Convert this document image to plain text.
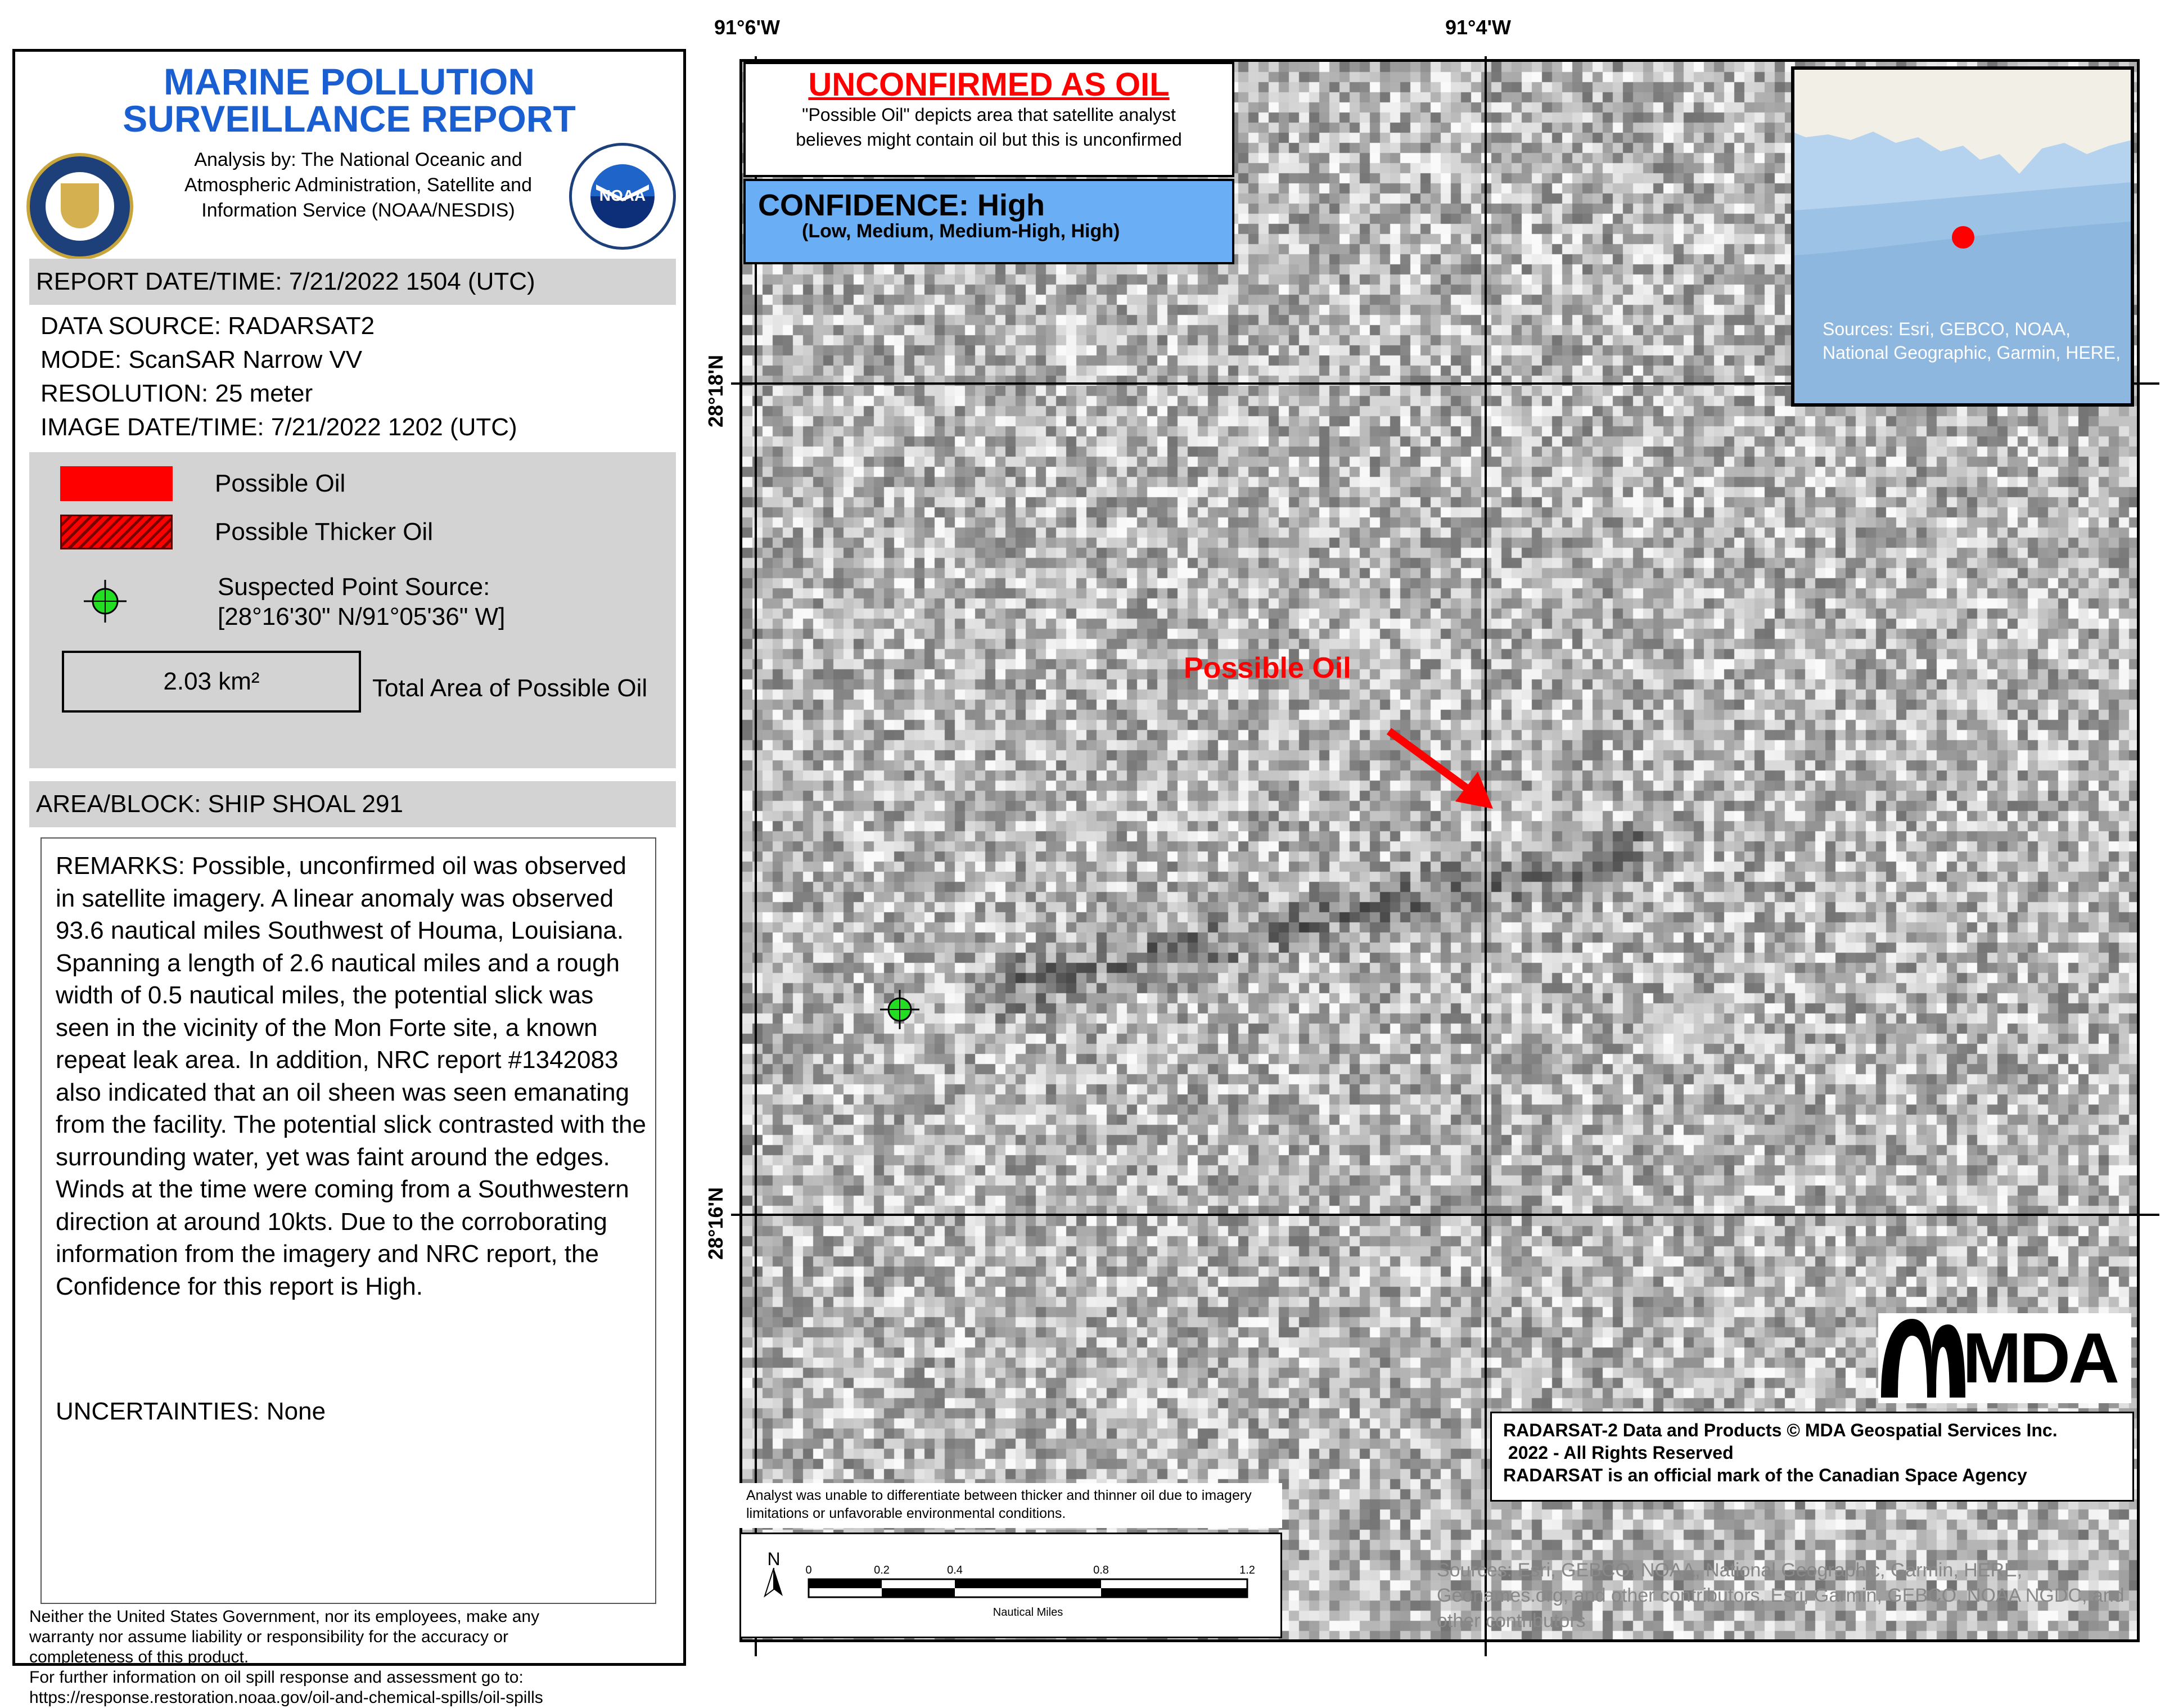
MARINE POLLUTION
SURVEILLANCE REPORT
Analysis by: The National Oceanic and
Atmospheric Administration, Satellite and
Information Service (NOAA/NESDIS)
NOAA
REPORT DATE/TIME: 7/21/2022 1504 (UTC)
DATA SOURCE: RADARSAT2
MODE: ScanSAR Narrow VV
RESOLUTION: 25 meter
IMAGE DATE/TIME: 7/21/2022 1202 (UTC)
Possible Oil
Possible Thicker Oil
Suspected Point Source:
[28°16'30" N/91°05'36" W]
2.03 km²	Total Area of Possible Oil
AREA/BLOCK: SHIP SHOAL 291
REMARKS: Possible, unconfirmed oil was observed in satellite imagery. A linear anomaly was observed 93.6 nautical miles Southwest of Houma, Louisiana. Spanning a length of 2.6 nautical miles and a rough width of 0.5 nautical miles, the potential slick was seen in the vicinity of the Mon Forte site, a known repeat leak area. In addition, NRC report #1342083 also indicated that an oil sheen was seen emanating from the facility. The potential slick contrasted with the surrounding water, yet was faint around the edges. Winds at the time were coming from a Southwestern direction at around 10kts. Due to the corroborating information from the imagery and NRC report, the Confidence for this report is High.
UNCERTAINTIES: None
Neither the United States Government, nor its employees, make any
warranty nor assume liability or responsibility for the accuracy or
completeness of this product.
For further information on oil spill response and assessment go to:
https://response.restoration.noaa.gov/oil-and-chemical-spills/oil-spills
91°6'W	91°4'W
28°18'N
28°16'N
UNCONFIRMED AS OIL
"Possible Oil" depicts area that satellite analyst
believes might contain oil but this is unconfirmed
CONFIDENCE: High
(Low, Medium, Medium-High, High)
Sources: Esri, GEBCO, NOAA, National Geographic, Garmin, HERE,
Possible Oil
MDA
RADARSAT-2 Data and Products © MDA Geospatial Services Inc.
2022 - All Rights Reserved
RADARSAT is an official mark of the Canadian Space Agency
Analyst was unable to differentiate between thicker and thinner oil due to imagery limitations or unfavorable environmental conditions.
N
0	0.2	0.4	0.8	1.2
Nautical Miles
Sources: Esri, GEBCO, NOAA, National Geographic, Garmin, HERE, Geonames.org, and other contributors, Esri, Garmin, GEBCO, NOAA NGDC, and other contributors
